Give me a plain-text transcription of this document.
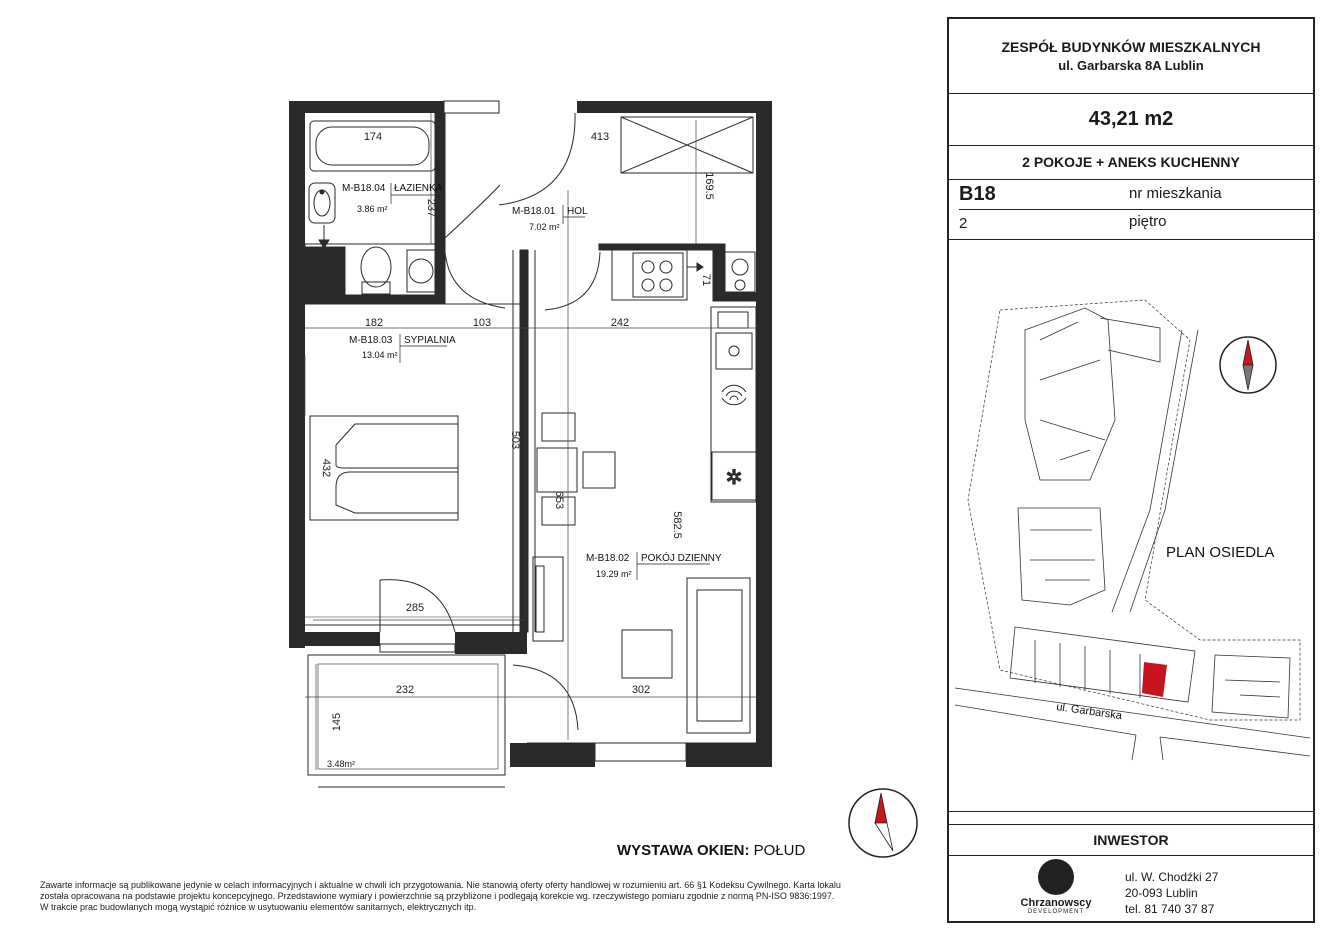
✲
174	413
169.5
237
71
182	103	242
503
432
653
582.5
285
232	302
145
M-B18.04 ŁAZIENKA
3.86 m²	M-B18.01 HOL
7.02 m²
M-B18.03 SYPIALNIA
13.04 m²
M-B18.02 POKÓJ DZIENNY
19.29 m²
3.48m²
PLAN OSIEDLA
ul. Garbarska
ZESPÓŁ BUDYNKÓW MIESZKALNYCH
ul. Garbarska 8A Lublin
43,21 m2
2 POKOJE + ANEKS KUCHENNY
B18	nr mieszkania
2	piętro
INWESTOR
Chrzanowscy
DEVELOPMENT
ul. W. Chodźki 27
20-093 Lublin
tel. 81 740 37 87
WYSTAWA OKIEN: POŁUD
Zawarte informacje są publikowane jedynie w celach informacyjnych i aktualne w chwili ich przygotowania. Nie stanowią oferty oferty handlowej w rozumieniu art. 66 §1 Kodeksu Cywilnego. Karta lokalu
została opracowana na podstawie projektu koncepcyjnego. Przedstawione wymiary i powierzchnie są przybliżone i podlegają korekcie wg. rzeczywistego pomiaru zgodnie z normą PN-ISO 9836:1997.
W trakcie prac budowlanych mogą wystąpić różnice w usytuowaniu elementów sanitarnych, elektrycznych itp.
